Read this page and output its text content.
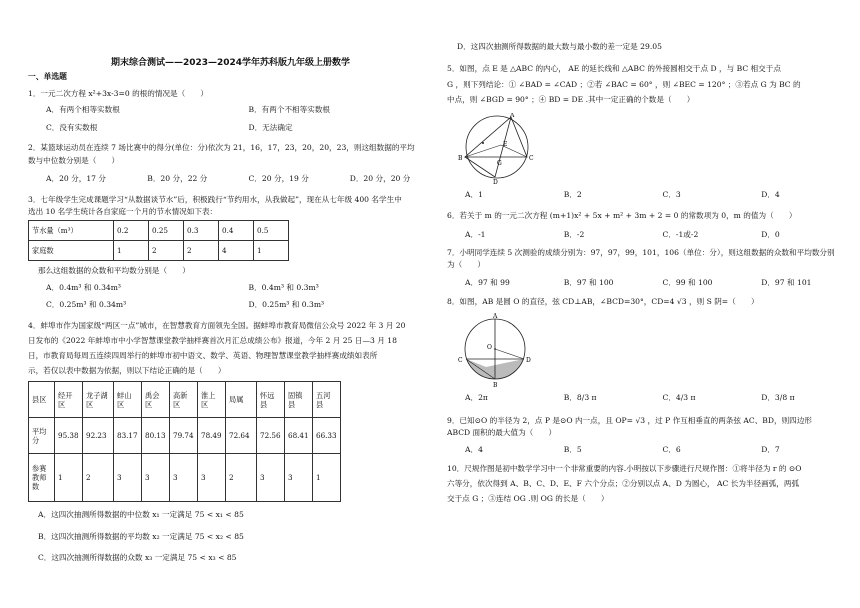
期末综合测试——2023—2024学年苏科版九年级上册数学
一、单选题

1．一元二次方程 x²+3x-3=0 的根的情况是（　　）

A．有两个相等实数根	B．有两个不相等实数根
C．没有实数根	D．无法确定

2．某篮球运动员在连续 7 场比赛中的得分(单位：分)依次为 21，16，17，23，20，20，23，则这组数据的平均

数与中位数分别是（　　）

A．20 分，17 分	B．20 分，22 分	C．20 分，19 分	D．20 分，20 分

3．七年级学生完成课题学习“从数据谈节水”后，积极践行“节约用水，从我做起”，现在从七年级 400 名学生中

选出 10 名学生统计各自家庭一个月的节水情况如下表：

节水量（m³）	0.2	0.25	0.3	0.4	0.5
家庭数	1	2	2	4	1

那么这组数据的众数和平均数分别是（　　）

A．0.4m³ 和 0.34m³	B．0.4m³ 和 0.3m³
C．0.25m³ 和 0.34m³	D．0.25m³ 和 0.3m³

4．蚌埠市作为国家级“两区一点”城市，在智慧教育方面领先全国。据蚌埠市教育局微信公众号 2022 年 3 月 20

日发布的《2022 年蚌埠市中小学智慧课堂教学抽样赛首次月汇总成绩公布》报道，今年 2 月 25 日—3 月 18

日，市教育局每周五连续四周举行的蚌埠市初中语文、数学、英语、物理智慧课堂教学抽样赛成绩如表所

示，若仅以表中数据为依据，则以下结论正确的是（　　）

县区	经开区	龙子湖区	蚌山区	禹会区	高新区	淮上区	局属	怀远县	固镇县	五河县
平均分	95.38	92.23	83.17	80.13	79.74	78.49	72.64	72.56	68.41	66.33
参赛教师数	1	2	3	3	3	3	2	3	3	1

A．这四次抽测所得数据的中位数 x₁ 一定满足 75 < x₁ < 85

B．这四次抽测所得数据的平均数 x₂ 一定满足 75 < x₂ < 85

C．这四次抽测所得数据的众数 x₃ 一定满足 75 < x₃ < 85

D．这四次抽测所得数据的最大数与最小数的差一定是 29.05

5．如图，点 E 是 △ABC 的内心， AE 的延长线和 △ABC 的外接圆相交于点 D ，与 BC 相交于点

G ，则下列结论：① ∠BAD = ∠CAD ；②若 ∠BAC = 60° ，则 ∠BEC = 120° ；③若点 G 为 BC 的

中点，则 ∠BGD = 90° ；④ BD = DE .其中一定正确的个数是（　　）

A
B	C
D
E
G
A．1	B．2	C．3	D．4

6．若关于 m 的一元二次方程 (m+1)x² + 5x + m² + 3m + 2 = 0 的常数项为 0，m 的值为（　　）

A．-1	B．-2	C．-1或-2	D．0

7．小明同学连续 5 次测验的成绩分别为：97，97，99，101，106（单位：分），则这组数据的众数和平均数分别

为（　　）

A．97 和 99	B．97 和 100	C．99 和 100	D．97 和 101

8．如图，AB 是圆 O 的直径，弦 CD⊥AB，∠BCD=30°，CD=4 √3 ，则 S 阴=（　　）

A
B
C	D
O
A．2π	B．8/3 π	C．4/3 π	D．3/8 π

9．已知⊙O 的半径为 2，点 P 是⊙O 内一点，且 OP= √3 ，过 P 作互相垂直的两条弦 AC、BD，则四边形

ABCD 面积的最大值为（　　）

A．4	B．5	C．6	D．7

10．尺规作图是初中数学学习中一个非常重要的内容.小明按以下步骤进行尺规作图：①将半径为 r 的 ⊙O

六等分，依次得到 A、B、C、D、E、F 六个分点；②分别以点 A、D 为圆心， AC 长为半径画弧，两弧

交于点 G ；③连结 OG .则 OG 的长是（　　）
